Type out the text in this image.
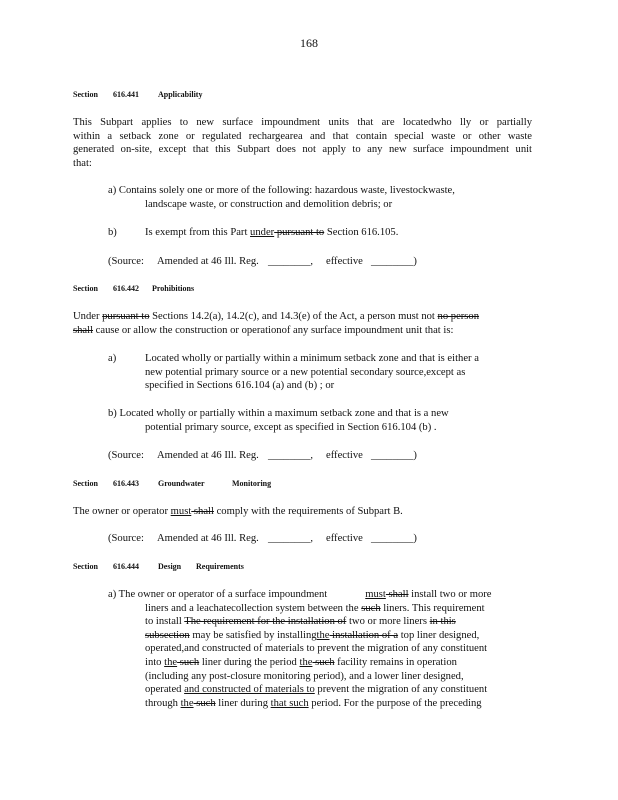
168
Section 616.441 Applicability
This Subpart applies to new surface impoundment units that are locatedwho lly or partially
within a setback zone or regulated rechargearea and that contain special waste or other waste
generated on-site, except that this Subpart does not apply to any new surface impoundment unit
that:
a) Contains solely one or more of the following: hazardous waste, livestockwaste,
landscape waste, or construction and demolition debris; or
b)	Is exempt from this Part under pursuant to Section 616.105.
(Source: Amended at 46 Ill. Reg. ________, effective ________)
Section 616.442 Prohibitions
Under pursuant to Sections 14.2(a), 14.2(c), and 14.3(e) of the Act, a person must not no person
shall cause or allow the construction or operationof any surface impoundment unit that is:
a)	Located wholly or partially within a minimum setback zone and that is either a
new potential primary source or a new potential secondary source,except as
specified in Sections 616.104 (a) and (b) ; or
b) Located wholly or partially within a maximum setback zone and that is a new
potential primary source, except as specified in Section 616.104 (b) .
(Source: Amended at 46 Ill. Reg. ________, effective ________)
Section 616.443 Groundwater	Monitoring
The owner or operator must shall comply with the requirements of Subpart B.
(Source: Amended at 46 Ill. Reg. ________, effective ________)
Section 616.444 Design Requirements
a) The owner or operator of a surface impoundment	must shall install two or more
liners and a leachatecollection system between the such liners. This requirement
to install The requirement for the installation of two or more liners in this
subsection may be satisfied by installingthe installation of a top liner designed,
operated,and constructed of materials to prevent the migration of any constituent
into the such liner during the period the such facility remains in operation
(including any post-closure monitoring period), and a lower liner designed,
operated and constructed of materials to prevent the migration of any constituent
through the such liner during that such period. For the purpose of the preceding
